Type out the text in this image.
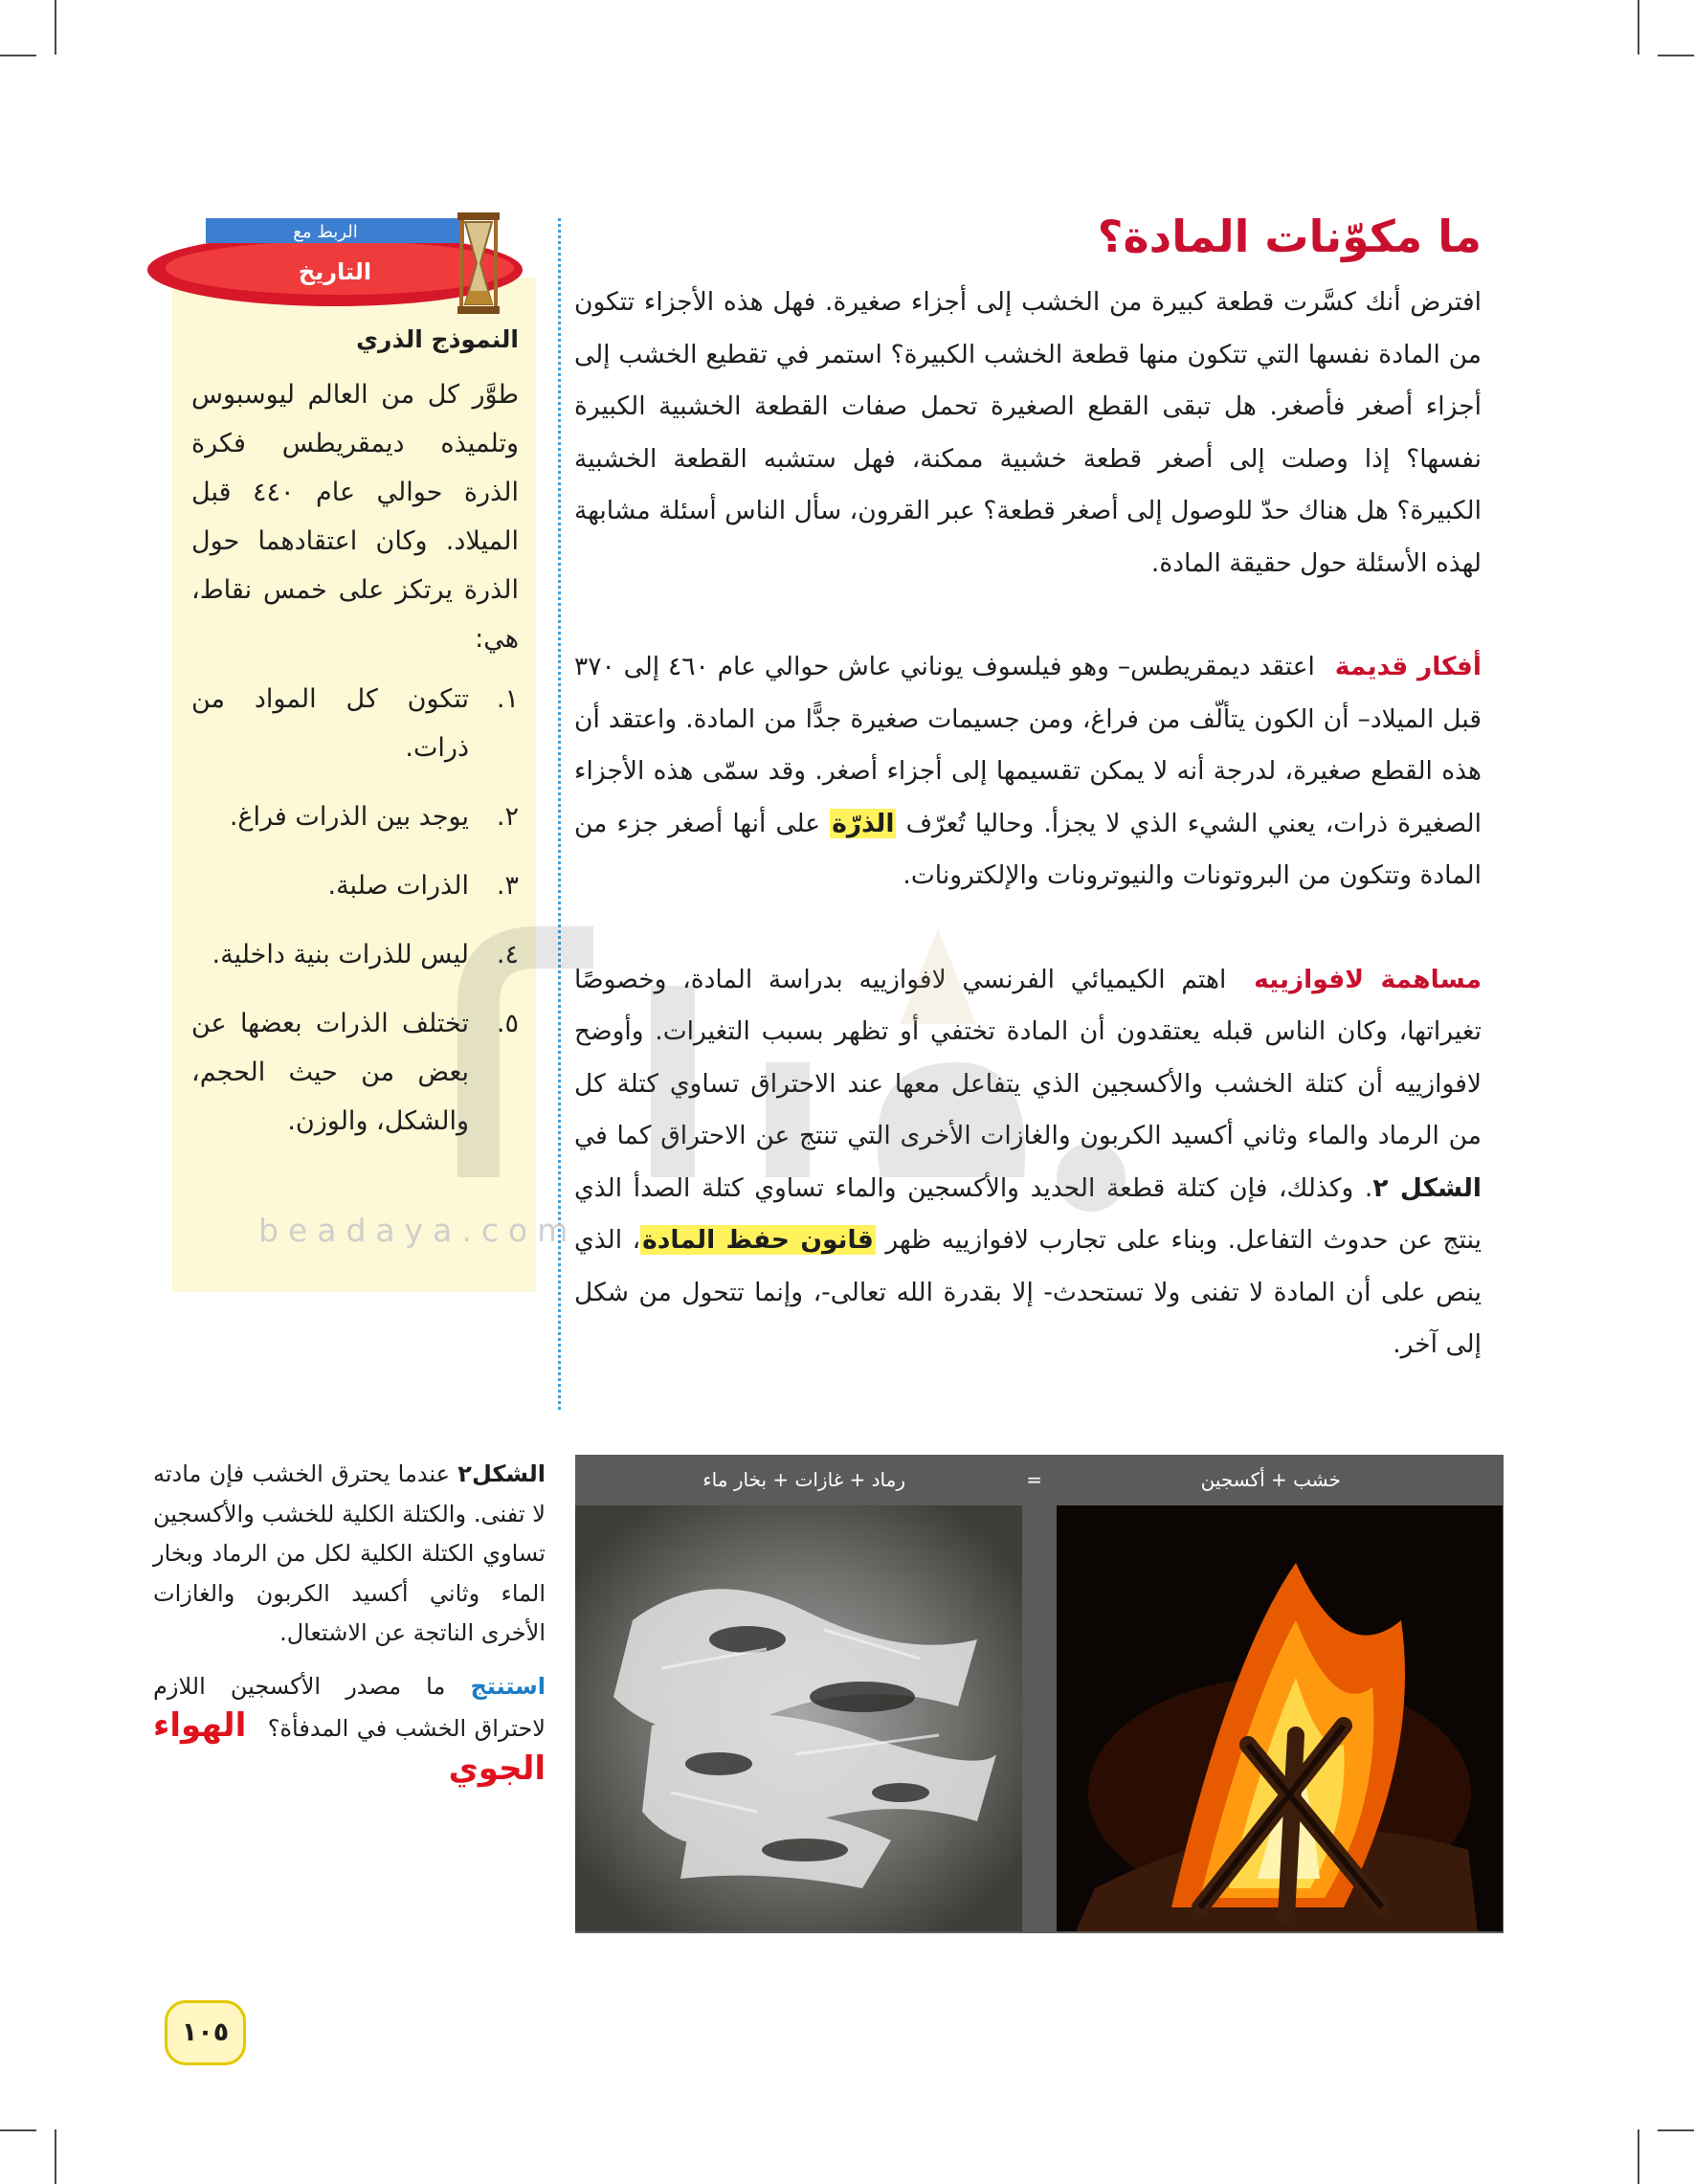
النموذج الذري

طوَّر كل من العالم ليوسبوس وتلميذه ديمقريطس فكرة الذرة حوالي عام ٤٤٠ قبل الميلاد. وكان اعتقادهما حول الذرة يرتكز على خمس نقاط، هي:

١.
تتكون كل المواد من ذرات.
٢.
يوجد بين الذرات فراغ.
٣.
الذرات صلبة.
٤.
ليس للذرات بنية داخلية.
٥.
تختلف الذرات بعضها عن بعض من حيث الحجم، والشكل، والوزن.
الربط مع
التاريخ
ما مكوّنات المادة؟

افترض أنك كسَّرت قطعة كبيرة من الخشب إلى أجزاء صغيرة. فهل هذه الأجزاء تتكون من المادة نفسها التي تتكون منها قطعة الخشب الكبيرة؟ استمر في تقطيع الخشب إلى أجزاء أصغر فأصغر. هل تبقى القطع الصغيرة تحمل صفات القطعة الخشبية الكبيرة نفسها؟ إذا وصلت إلى أصغر قطعة خشبية ممكنة، فهل ستشبه القطعة الخشبية الكبيرة؟ هل هناك حدّ للوصول إلى أصغر قطعة؟ عبر القرون، سأل الناس أسئلة مشابهة لهذه الأسئلة حول حقيقة المادة.

أفكار قديمة اعتقد ديمقريطس– وهو فيلسوف يوناني عاش حوالي عام ٤٦٠ إلى ٣٧٠ قبل الميلاد– أن الكون يتألّف من فراغ، ومن جسيمات صغيرة جدًّا من المادة. واعتقد أن هذه القطع صغيرة، لدرجة أنه لا يمكن تقسيمها إلى أجزاء أصغر. وقد سمّى هذه الأجزاء الصغيرة ذرات، يعني الشيء الذي لا يجزأ. وحاليا تُعرّف الذرّة على أنها أصغر جزء من المادة وتتكون من البروتونات والنيوترونات والإلكترونات.

مساهمة لافوازييه اهتم الكيميائي الفرنسي لافوازييه بدراسة المادة، وخصوصًا تغيراتها، وكان الناس قبله يعتقدون أن المادة تختفي أو تظهر بسبب التغيرات. وأوضح لافوازييه أن كتلة الخشب والأكسجين الذي يتفاعل معها عند الاحتراق تساوي كتلة كل من الرماد والماء وثاني أكسيد الكربون والغازات الأخرى التي تنتج عن الاحتراق كما في الشكل ٢. وكذلك، فإن كتلة قطعة الحديد والأكسجين والماء تساوي كتلة الصدأ الذي ينتج عن حدوث التفاعل. وبناء على تجارب لافوازييه ظهر قانون حفظ المادة، الذي ينص على أن المادة لا تفنى ولا تستحدث- إلا بقدرة الله تعالى-، وإنما تتحول من شكل إلى آخر.

خشب + أكسجين
=
رماد + غازات + بخار ماء

الشكل٢ عندما يحترق الخشب فإن مادته لا تفنى. والكتلة الكلية للخشب والأكسجين تساوي الكتلة الكلية لكل من الرماد وبخار الماء وثاني أكسيد الكربون والغازات الأخرى الناتجة عن الاشتعال.

استنتج ما مصدر الأكسجين اللازم لاحتراق الخشب في المدفأة؟ الهواء الجوي

beadaya.com
١٠٥
